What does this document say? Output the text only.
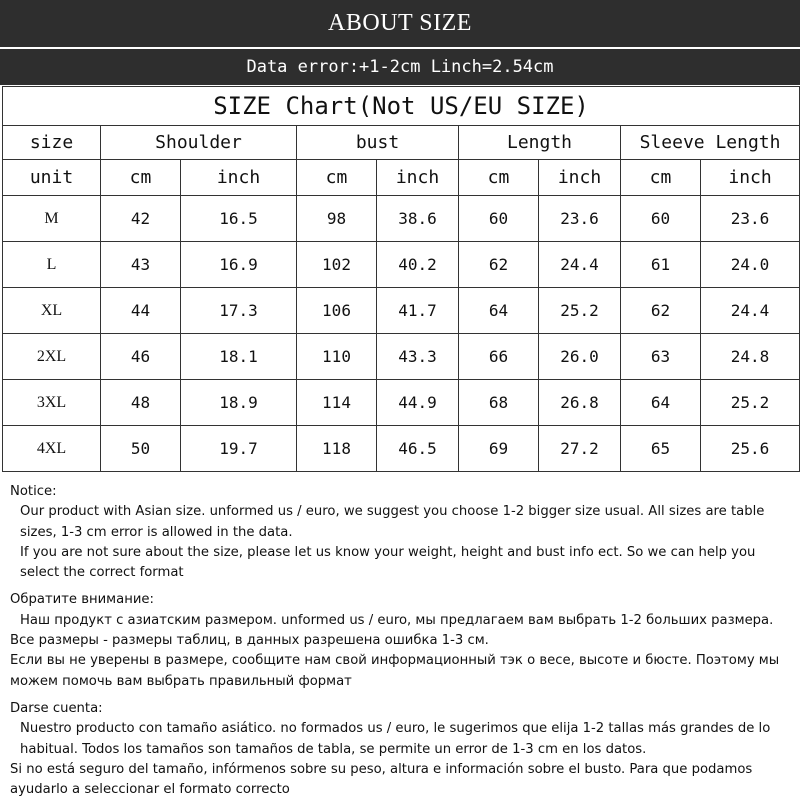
ABOUT SIZE
Data error:+1-2cm Linch=2.54cm
SIZE Chart(Not US/EU SIZE)								
size	Shoulder		bust		Length		Sleeve Length	
unit	cm	inch	cm	inch	cm	inch	cm	inch
M	42	16.5	98	38.6	60	23.6	60	23.6
L	43	16.9	102	40.2	62	24.4	61	24.0
XL	44	17.3	106	41.7	64	25.2	62	24.4
2XL	46	18.1	110	43.3	66	26.0	63	24.8
3XL	48	18.9	114	44.9	68	26.8	64	25.2
4XL	50	19.7	118	46.5	69	27.2	65	25.6

Notice:

Our product with Asian size. unformed us / euro, we suggest you choose 1-2 bigger size usual. All sizes are table sizes, 1-3 cm error is allowed in the data.

If you are not sure about the size, please let us know your weight, height and bust info ect. So we can help you select the correct format

Обратите внимание:

Наш продукт с азиатским размером. unformed us / euro, мы предлагаем вам выбрать 1-2 больших размера.

Все размеры - размеры таблиц, в данных разрешена ошибка 1-3 см.

Если вы не уверены в размере, сообщите нам свой информационный тэк о весе, высоте и бюсте. Поэтому мы можем помочь вам выбрать правильный формат

Darse cuenta:

Nuestro producto con tamaño asiático. no formados us / euro, le sugerimos que elija 1-2 tallas más grandes de lo habitual. Todos los tamaños son tamaños de tabla, se permite un error de 1-3 cm en los datos.

Si no está seguro del tamaño, infórmenos sobre su peso, altura e información sobre el busto. Para que podamos ayudarlo a seleccionar el formato correcto
